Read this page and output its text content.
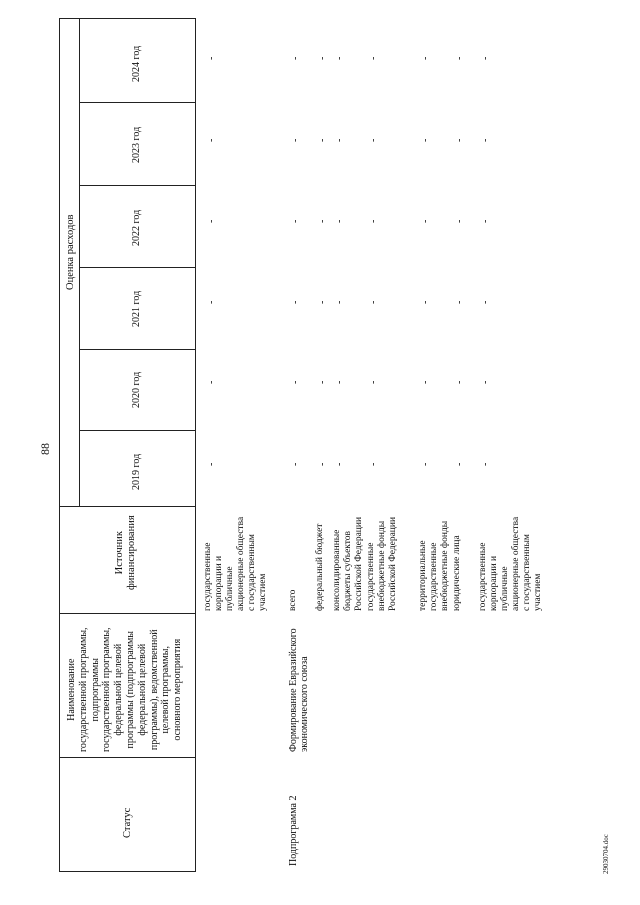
88
Статус
Наименование
государственной программы,
подпрограммы
государственной программы,
федеральной целевой
программы (подпрограммы
федеральной целевой
программы), ведомственной
целевой программы,
основного мероприятия
Источник
финансирования
Оценка расходов
2019 год
2020 год
2021 год
2022 год
2023 год
2024 год
государственные
корпорации и
публичные
акционерные общества
с государственным
участием
-
-
-
-
-
-
Подпрограмма 2
Формирование Евразийского
экономического союза
всего
-
-
-
-
-
-
федеральный бюджет
-
-
-
-
-
-
консолидированные
бюджеты субъектов
Российской Федерации
-
-
-
-
-
-
государственные
внебюджетные фонды
Российской Федерации
-
-
-
-
-
-
территориальные
государственные
внебюджетные фонды
-
-
-
-
-
-
юридические лица
-
-
-
-
-
-
государственные
корпорации и
публичные
акционерные общества
с государственным
участием
-
-
-
-
-
-
29030704.doc
